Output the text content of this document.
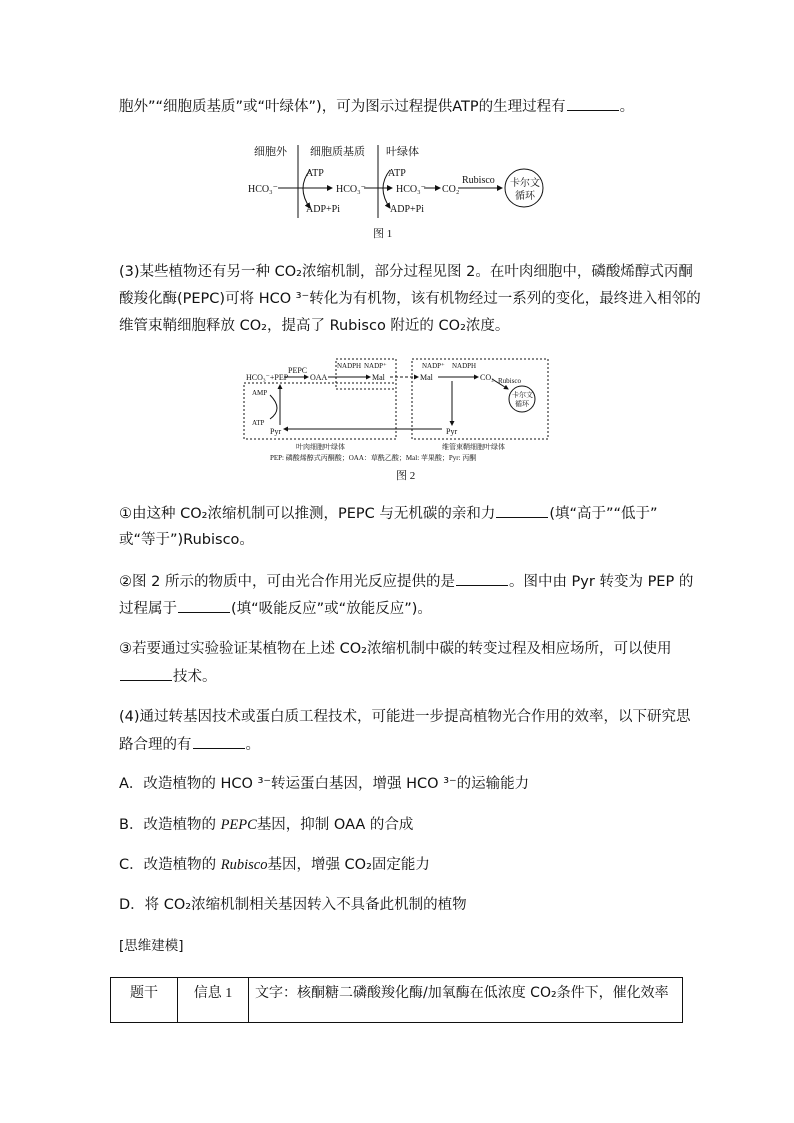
胞外”“细胞质基质”或“叶绿体”)，可为图示过程提供ATP的生理过程有	。
细胞外 细胞质基质 叶绿体
HCO₃⁻
ATP
ADP+Pi
HCO₃⁻
ATP
ADP+Pi
HCO₃⁻ CO₂
Rubisco 卡尔文
循环
图 1
(3)某些植物还有另一种 CO₂浓缩机制，部分过程见图 2。在叶肉细胞中，磷酸烯醇式丙酮
酸羧化酶(PEPC)可将 HCO ³⁻转化为有机物，该有机物经过一系列的变化，最终进入相邻的
维管束鞘细胞释放 CO₂，提高了 Rubisco 附近的 CO₂浓度。
HCO₃⁻+PEP
PEPC
OAA
NADPH NADP⁺
Mal	Mal
NADP⁺ NADPH
CO₂ Rubisco
卡尔文
循环
Pyr
Pyr
AMP
ATP
叶肉细胞叶绿体	维管束鞘细胞叶绿体
PEP: 磷酸烯醇式丙酮酸；OAA：草酰乙酸；Mal: 苹果酸；Pyr: 丙酮
图 2
①由这种 CO₂浓缩机制可以推测，PEPC 与无机碳的亲和力	(填“高于”“低于”
或“等于”)Rubisco。
②图 2 所示的物质中，可由光合作用光反应提供的是	。图中由 Pyr 转变为 PEP 的
过程属于	(填“吸能反应”或“放能反应”)。
③若要通过实验验证某植物在上述 CO₂浓缩机制中碳的转变过程及相应场所，可以使用
技术。
(4)通过转基因技术或蛋白质工程技术，可能进一步提高植物光合作用的效率，以下研究思
路合理的有	。
A．改造植物的 HCO ³⁻转运蛋白基因，增强 HCO ³⁻的运输能力
B．改造植物的 PEPC基因，抑制 OAA 的合成
C．改造植物的 Rubisco基因，增强 CO₂固定能力
D．将 CO₂浓缩机制相关基因转入不具备此机制的植物
[思维建模]
题干	信息 1	文字：核酮糖二磷酸羧化酶/加氧酶在低浓度 CO₂条件下，催化效率
